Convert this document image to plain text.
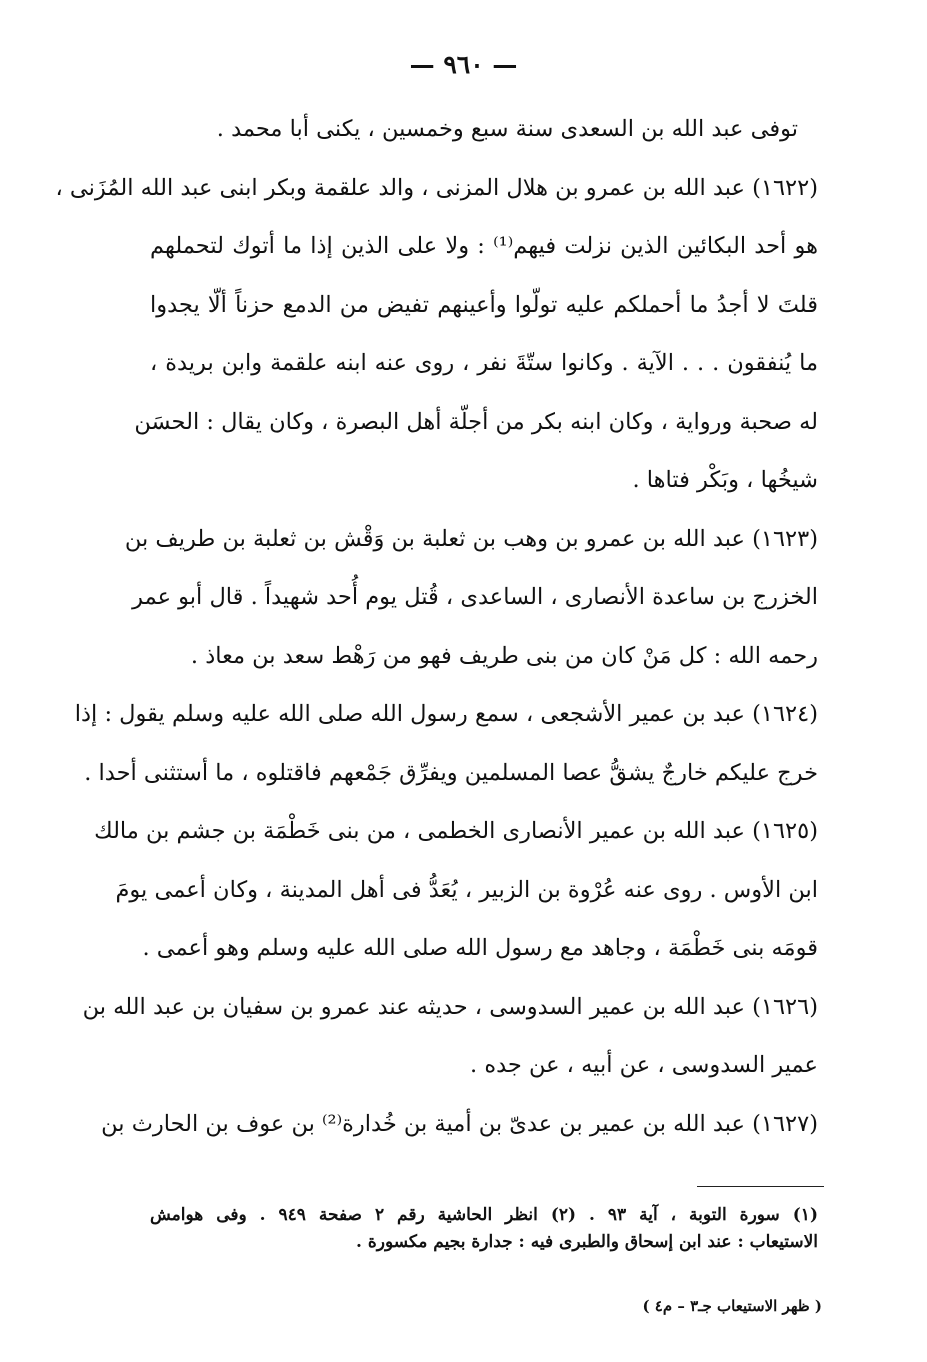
— ٩٦٠ —
توفى عبد الله بن السعدى سنة سبع وخمسين ، يكنى أبا محمد .
(١٦٢٢) عبد الله بن عمرو بن هلال المزنى ، والد علقمة وبكر ابنى عبد الله المُزَنى ،
هو أحد البكائين الذين نزلت فيهم⁽¹⁾ : ولا على الذين إذا ما أتوك لتحملهم
قلتَ لا أجدُ ما أحملكم عليه تولّوا وأعينهم تفيض من الدمع حزناً ألّا يجدوا
ما يُنفقون . . . الآية . وكانوا ستّةَ نفر ، روى عنه ابنه علقمة وابن بريدة ،
له صحبة ورواية ، وكان ابنه بكر من أجلّة أهل البصرة ، وكان يقال : الحسَن
شيخُها ، وبَكْر فتاها .
(١٦٢٣) عبد الله بن عمرو بن وهب بن ثعلبة بن وَقْش بن ثعلبة بن طريف بن
الخزرج بن ساعدة الأنصارى ، الساعدى ، قُتل يوم أُحد شهيداً . قال أبو عمر
رحمه الله : كل مَنْ كان من بنى طريف فهو من رَهْط سعد بن معاذ .
(١٦٢٤) عبد بن عمير الأشجعى ، سمع رسول الله صلى الله عليه وسلم يقول : إذا
خرج عليكم خارجٌ يشقُّ عصا المسلمين ويفرِّق جَمْعهم فاقتلوه ، ما أستثنى أحدا .
(١٦٢٥) عبد الله بن عمير الأنصارى الخطمى ، من بنى خَطْمَة بن جشم بن مالك
ابن الأوس . روى عنه عُرْوة بن الزبير ، يُعَدُّ فى أهل المدينة ، وكان أعمى يومَ
قومَه بنى خَطْمَة ، وجاهد مع رسول الله صلى الله عليه وسلم وهو أعمى .
(١٦٢٦) عبد الله بن عمير السدوسى ، حديثه عند عمرو بن سفيان بن عبد الله بن
عمير السدوسى ، عن أبيه ، عن جده .
(١٦٢٧) عبد الله بن عمير بن عدىّ بن أمية بن خُدارة⁽²⁾ بن عوف بن الحارث بن
(١) سورة التوبة ، آية ٩٣ . (٢) انظر الحاشية رقم ٢ صفحة ٩٤٩ . وفى هوامش
الاستيعاب : عند ابن إسحاق والطبرى فيه : جدارة بجيم مكسورة .
( ظهر الاستيعاب جـ٣ – م٤ )
